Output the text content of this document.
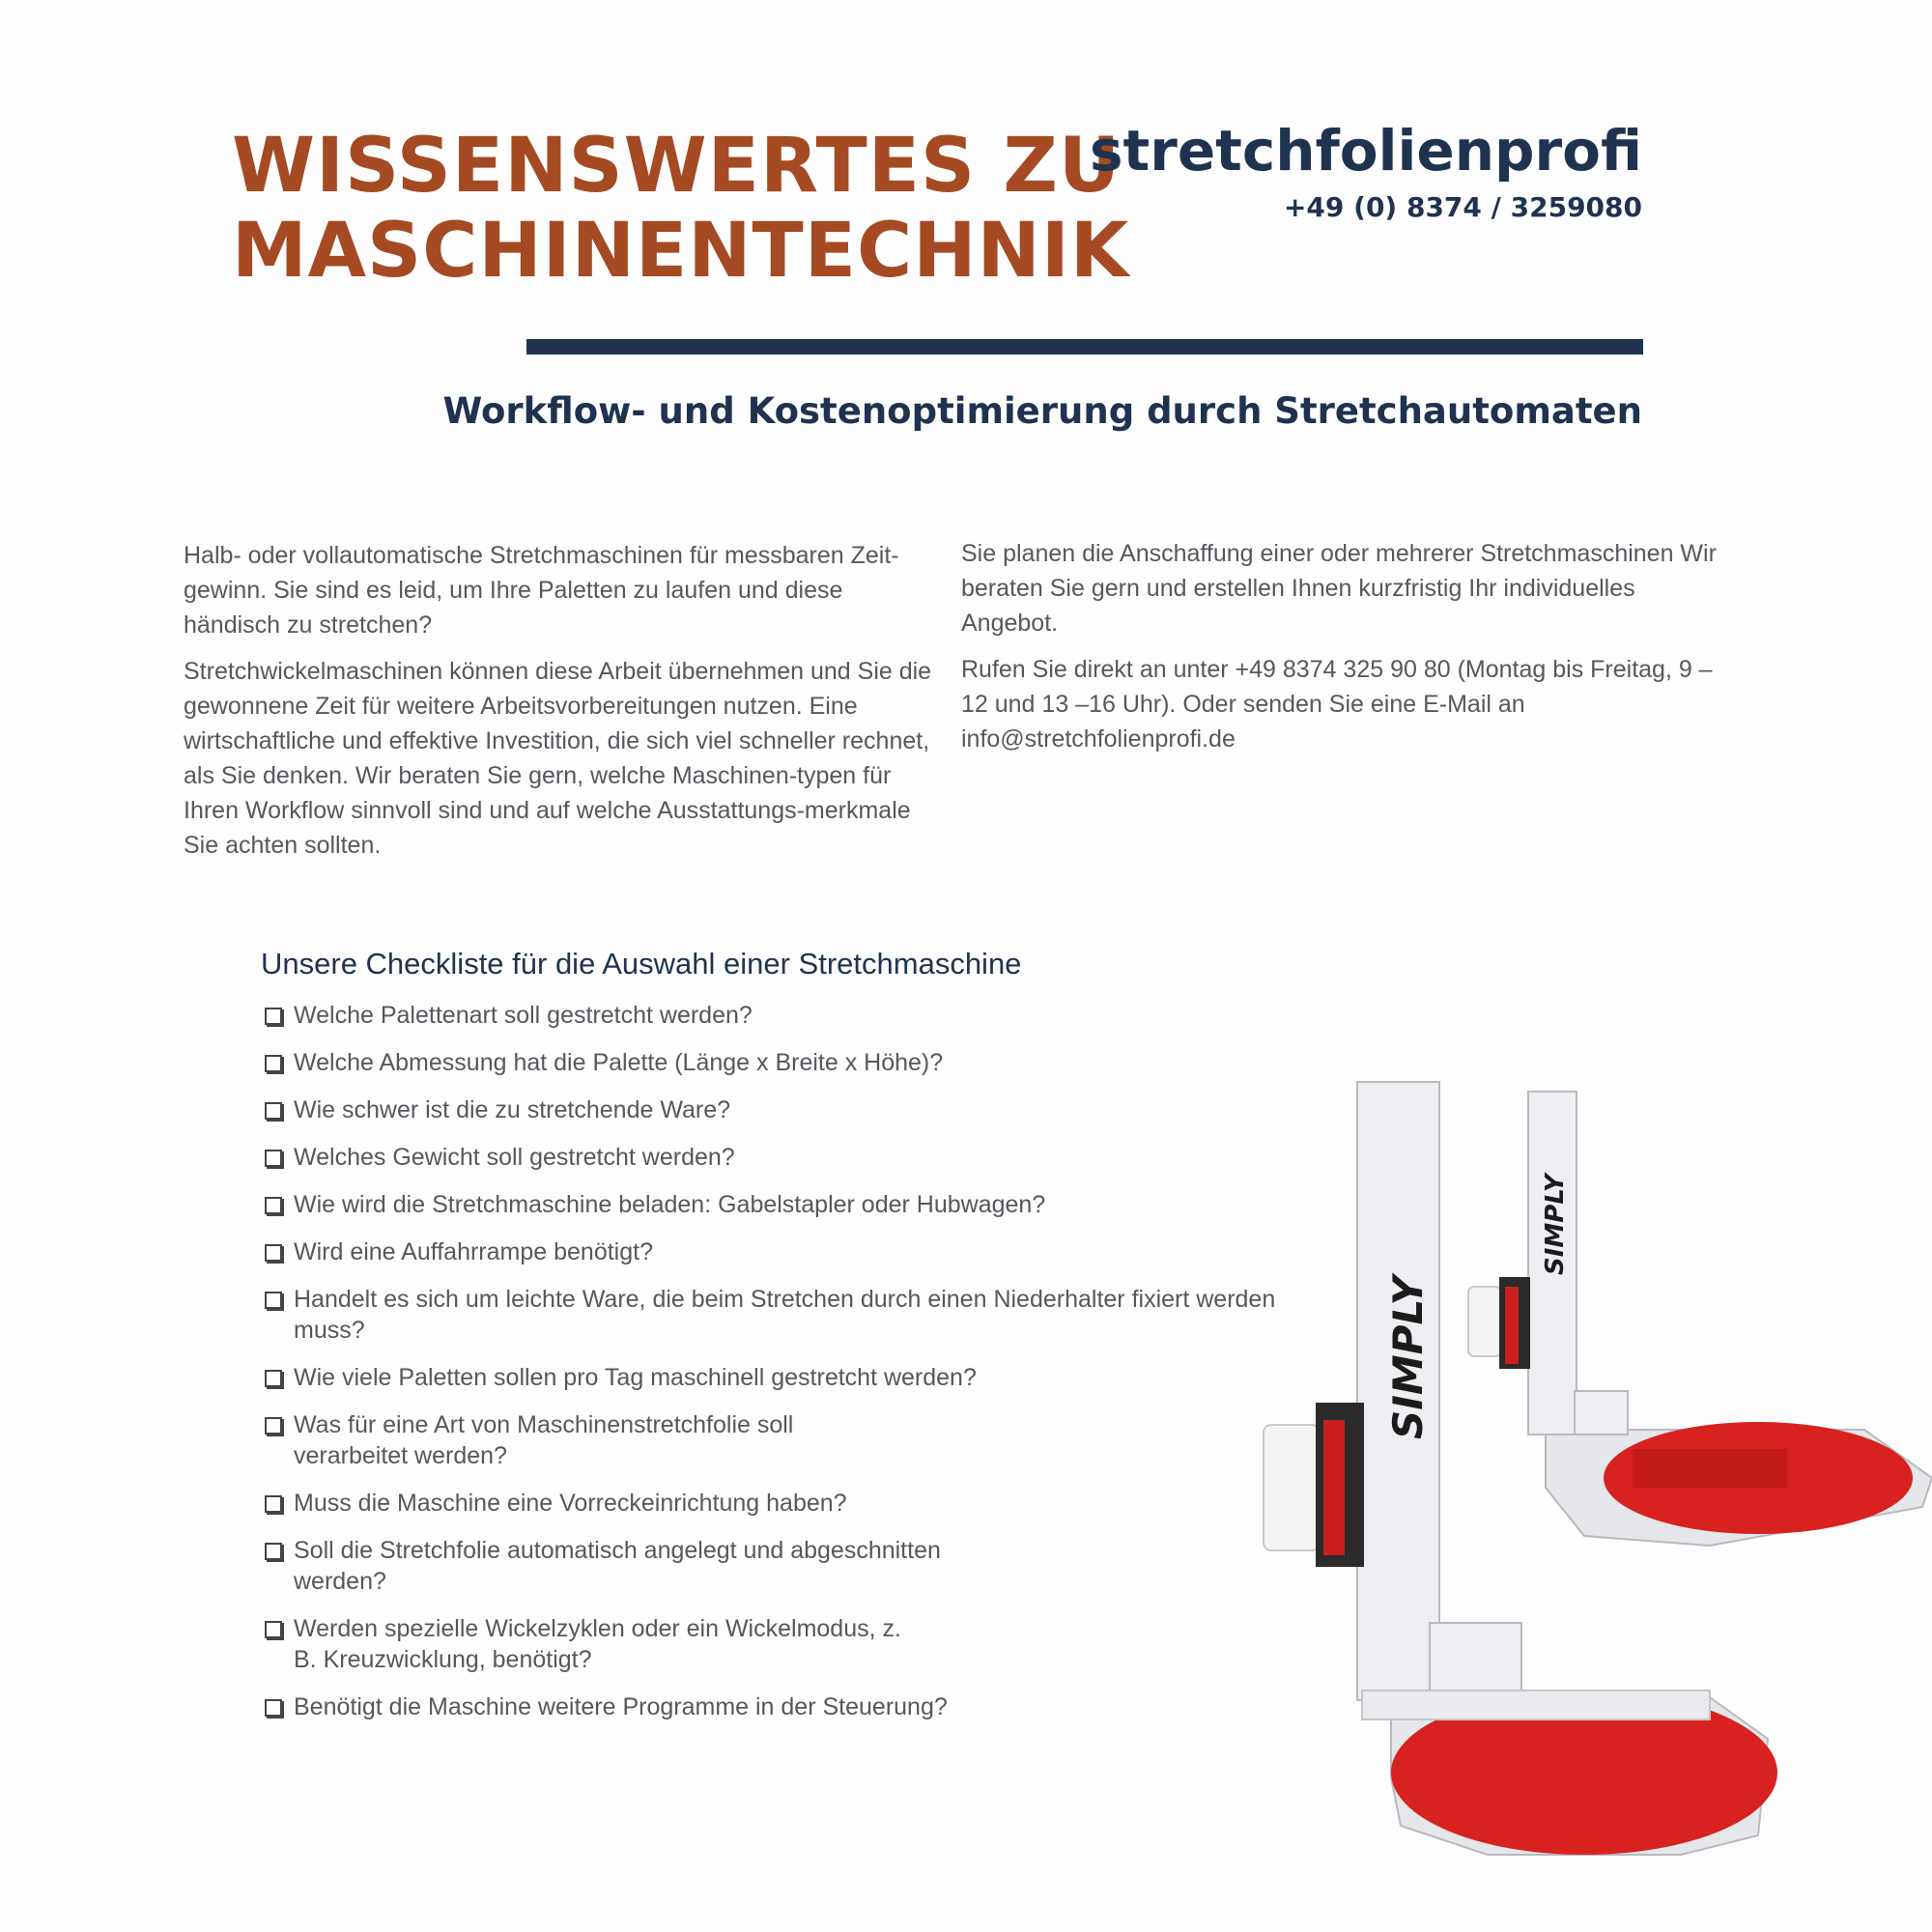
WISSENSWERTES ZU
MASCHINENTECHNIK
stretchfolienprofi
+49 (0) 8374 / 3259080
Workflow- und Kostenoptimierung durch Stretchautomaten

Halb- oder vollautomatische Stretchmaschinen für messbaren Zeit-gewinn. Sie sind es leid, um Ihre Paletten zu laufen und diese händisch zu stretchen?

Stretchwickelmaschinen können diese Arbeit übernehmen und Sie die gewonnene Zeit für weitere Arbeitsvorbereitungen nutzen. Eine wirtschaftliche und effektive Investition, die sich viel schneller rechnet, als Sie denken. Wir beraten Sie gern, welche Maschinen-typen für Ihren Workflow sinnvoll sind und auf welche Ausstattungs-merkmale Sie achten sollten.

Sie planen die Anschaffung einer oder mehrerer Stretchmaschinen Wir beraten Sie gern und erstellen Ihnen kurzfristig Ihr individuelles Angebot.

Rufen Sie direkt an unter +49 8374 325 90 80 (Montag bis Freitag, 9 –12 und 13 –16 Uhr). Oder senden Sie eine E-Mail an info@stretchfolienprofi.de

Unsere Checkliste für die Auswahl einer Stretchmaschine
Welche Palettenart soll gestretcht werden?
Welche Abmessung hat die Palette (Länge x Breite x Höhe)?
Wie schwer ist die zu stretchende Ware?
Welches Gewicht soll gestretcht werden?
Wie wird die Stretchmaschine beladen: Gabelstapler oder Hubwagen?
Wird eine Auffahrrampe benötigt?
Handelt es sich um leichte Ware, die beim Stretchen durch einen Niederhalter fixiert werden muss?
Wie viele Paletten sollen pro Tag maschinell gestretcht werden?
Was für eine Art von Maschinenstretchfolie soll verarbeitet werden?
Muss die Maschine eine Vorreckeinrichtung haben?
Soll die Stretchfolie automatisch angelegt und abgeschnitten werden?
Werden spezielle Wickelzyklen oder ein Wickelmodus, z. B. Kreuzwicklung, benötigt?
Benötigt die Maschine weitere Programme in der Steuerung?
SIMPLY
SIMPLY
